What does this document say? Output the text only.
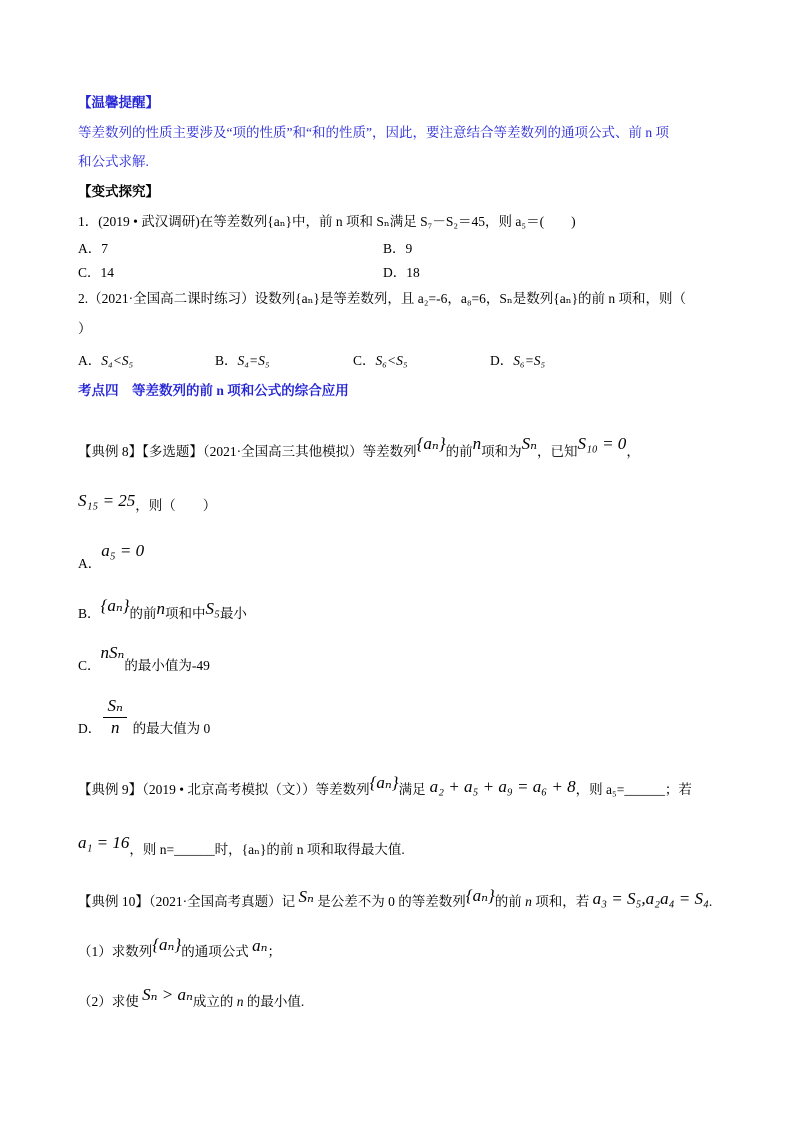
【温馨提醒】
等差数列的性质主要涉及“项的性质”和“和的性质”，因此，要注意结合等差数列的通项公式、前 n 项
和公式求解.
【变式探究】
1．(2019 • 武汉调研)在等差数列{aₙ}中，前 n 项和 Sₙ满足 S₇－S₂＝45，则 a₅＝(　　)
A．7	B．9
C．14	D．18
2.（2021·全国高二课时练习）设数列{aₙ}是等差数列，且 a₂=-6，a₈=6，Sₙ是数列{aₙ}的前 n 项和，则（
）
A．S₄<S₅	B．S₄=S₅	C．S₆<S₅	D．S₆=S₅
考点四　等差数列的前 n 项和公式的综合应用
【典例 8】【多选题】（2021·全国高三其他模拟）等差数列{aₙ}的前n项和为Sₙ，已知S₁₀ = 0，
S₁₅ = 25，则（　　）
A．a₅ = 0
B．{aₙ}的前n项和中S₅最小
C．nSₙ的最小值为-49
D． $\frac{\text{Sₙ}}{n}$ 的最大值为 0
【典例 9】（2019 • 北京高考模拟（文））等差数列{aₙ}满足 a₂ + a₅ + a₉ = a₆ + 8，则 a₅=______；若
a₁ = 16，则 n=______时，{aₙ}的前 n 项和取得最大值.
【典例 10】（2021·全国高考真题）记 Sₙ 是公差不为 0 的等差数列{aₙ}的前 n 项和，若 a₃ = S₅,a₂a₄ = S₄.
（1）求数列{aₙ}的通项公式 aₙ；
（2）求使 Sₙ > aₙ成立的 n 的最小值.
